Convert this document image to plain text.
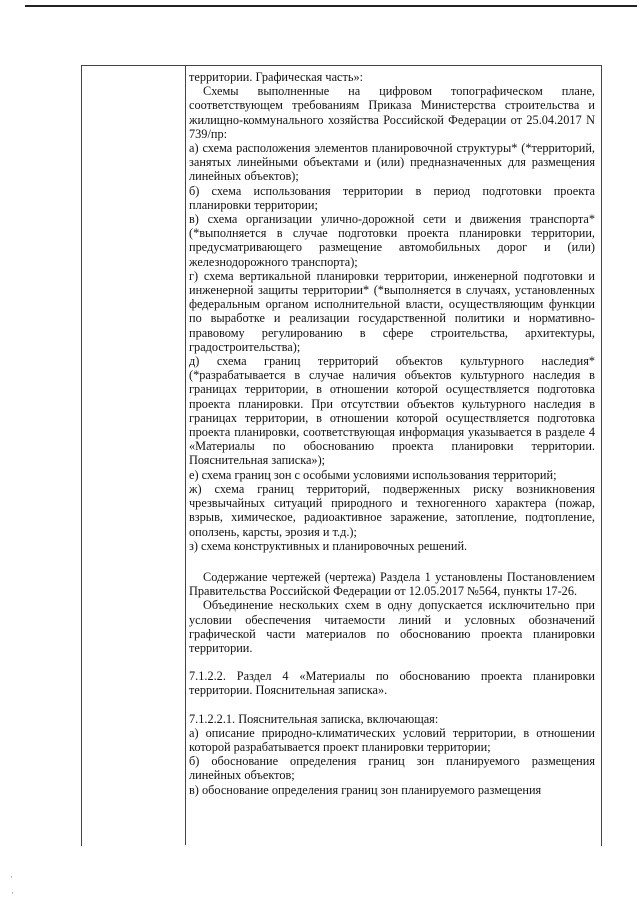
территории. Графическая часть»:

Схемы выполненные на цифровом топографическом плане, соответствующем требованиям Приказа Министерства строительства и жилищно-коммунального хозяйства Российской Федерации от 25.04.2017 N 739/пр:

а) схема расположения элементов планировочной структуры* (*территорий, занятых линейными объектами и (или) предназначенных для размещения линейных объектов);

б) схема использования территории в период подготовки проекта планировки территории;

в) схема организации улично-дорожной сети и движения транспорта* (*выполняется в случае подготовки проекта планировки территории, предусматривающего размещение автомобильных дорог и (или) железнодорожного транспорта);

г) схема вертикальной планировки территории, инженерной подготовки и инженерной защиты территории* (*выполняется в случаях, установленных федеральным органом исполнительной власти, осуществляющим функции по выработке и реализации государственной политики и нормативно-правовому регулированию в сфере строительства, архитектуры, градостроительства);

д) схема границ территорий объектов культурного наследия* (*разрабатывается в случае наличия объектов культурного наследия в границах территории, в отношении которой осуществляется подготовка проекта планировки. При отсутствии объектов культурного наследия в границах территории, в отношении которой осуществляется подготовка проекта планировки, соответствующая информация указывается в разделе 4 «Материалы по обоснованию проекта планировки территории. Пояснительная записка»);

е) схема границ зон с особыми условиями использования территорий;

ж) схема границ территорий, подверженных риску возникновения чрезвычайных ситуаций природного и техногенного характера (пожар, взрыв, химическое, радиоактивное заражение, затопление, подтопление, оползень, карсты, эрозия и т.д.);

з) схема конструктивных и планировочных решений.

Содержание чертежей (чертежа) Раздела 1 установлены Постановлением Правительства Российской Федерации от 12.05.2017 №564, пункты 17-26.

Объединение нескольких схем в одну допускается исключительно при условии обеспечения читаемости линий и условных обозначений графической части материалов по обоснованию проекта планировки территории.

7.1.2.2. Раздел 4 «Материалы по обоснованию проекта планировки территории. Пояснительная записка».

7.1.2.2.1. Пояснительная записка, включающая:

а) описание природно-климатических условий территории, в отношении которой разрабатывается проект планировки территории;

б) обоснование определения границ зон планируемого размещения линейных объектов;

в) обоснование определения границ зон планируемого размещения

·
·
